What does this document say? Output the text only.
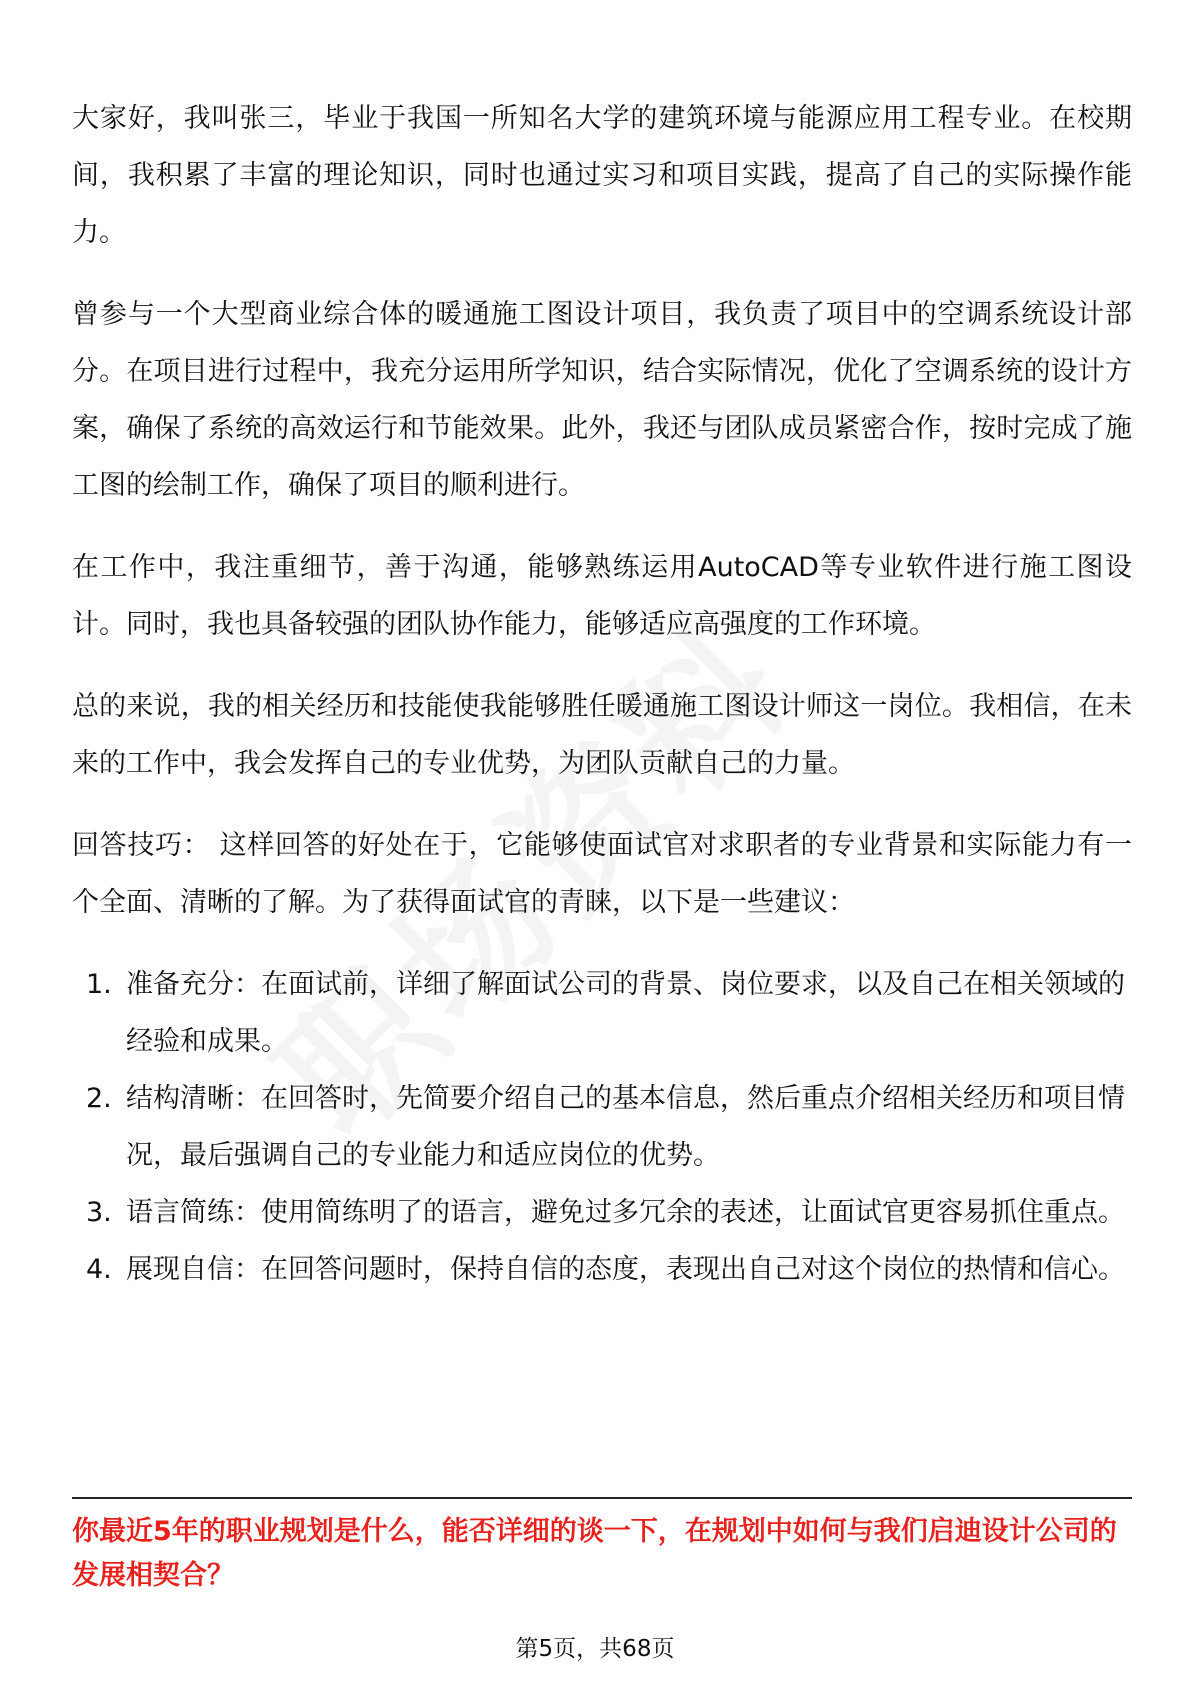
大家好，我叫张三，毕业于我国一所知名大学的建筑环境与能源应用工程专业。在校期间，我积累了丰富的理论知识，同时也通过实习和项目实践，提高了自己的实际操作能力。

曾参与一个大型商业综合体的暖通施工图设计项目，我负责了项目中的空调系统设计部分。在项目进行过程中，我充分运用所学知识，结合实际情况，优化了空调系统的设计方案，确保了系统的高效运行和节能效果。此外，我还与团队成员紧密合作，按时完成了施工图的绘制工作，确保了项目的顺利进行。

在工作中，我注重细节，善于沟通，能够熟练运用AutoCAD等专业软件进行施工图设计。同时，我也具备较强的团队协作能力，能够适应高强度的工作环境。

总的来说，我的相关经历和技能使我能够胜任暖通施工图设计师这一岗位。我相信，在未来的工作中，我会发挥自己的专业优势，为团队贡献自己的力量。

回答技巧： 这样回答的好处在于，它能够使面试官对求职者的专业背景和实际能力有一个全面、清晰的了解。为了获得面试官的青睐，以下是一些建议：

1. 准备充分：在面试前，详细了解面试公司的背景、岗位要求，以及自己在相关领域的经验和成果。
2. 结构清晰：在回答时，先简要介绍自己的基本信息，然后重点介绍相关经历和项目情况，最后强调自己的专业能力和适应岗位的优势。
3. 语言简练：使用简练明了的语言，避免过多冗余的表述，让面试官更容易抓住重点。
4. 展现自信：在回答问题时，保持自信的态度，表现出自己对这个岗位的热情和信心。
你最近5年的职业规划是什么，能否详细的谈一下，在规划中如何与我们启迪设计公司的发展相契合？
第5页，共68页
